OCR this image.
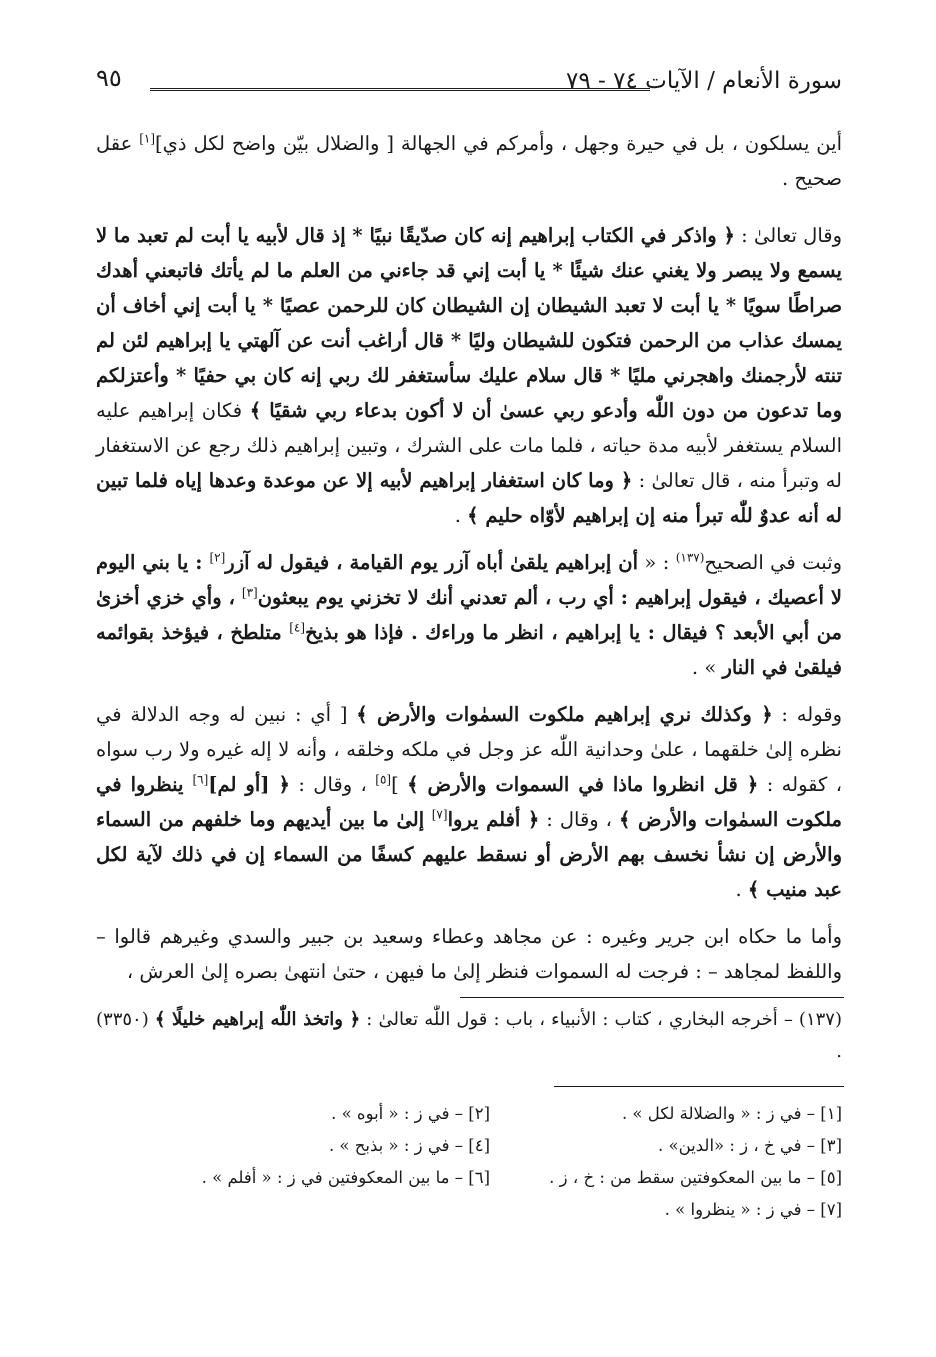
٩٥	سورة الأنعام / الآيات ٧٤ - ٧٩

أين يسلكون ، بل في حيرة وجهل ، وأمركم في الجهالة [ والضلال بيّن واضح لكل ذي][١] عقل صحيح .

وقال تعالىٰ : ﴿ واذكر في الكتاب إبراهيم إنه كان صدّيقًا نبيًا * إذ قال لأبيه يا أبت لم تعبد ما لا يسمع ولا يبصر ولا يغني عنك شيئًا * يا أبت إني قد جاءني من العلم ما لم يأتك فاتبعني أهدك صراطًا سويًا * يا أبت لا تعبد الشيطان إن الشيطان كان للرحمن عصيًا * يا أبت إني أخاف أن يمسك عذاب من الرحمن فتكون للشيطان وليًا * قال أراغب أنت عن آلهتي يا إبراهيم لئن لم تنته لأرجمنك واهجرني مليًا * قال سلام عليك سأستغفر لك ربي إنه كان بي حفيًا * وأعتزلكم وما تدعون من دون اللّٰه وأدعو ربي عسىٰ أن لا أكون بدعاء ربي شقيًا ﴾ فكان إبراهيم عليه السلام يستغفر لأبيه مدة حياته ، فلما مات على الشرك ، وتبين إبراهيم ذلك رجع عن الاستغفار له وتبرأ منه ، قال تعالىٰ : ﴿ وما كان استغفار إبراهيم لأبيه إلا عن موعدة وعدها إياه فلما تبين له أنه عدوٌ للّٰه تبرأ منه إن إبراهيم لأوّاه حليم ﴾ .

وثبت في الصحيح$^{(١٣٧)}$ : « أن إبراهيم يلقىٰ أباه آزر يوم القيامة ، فيقول له آزر[٢] : يا بني اليوم لا أعصيك ، فيقول إبراهيم : أي رب ، ألم تعدني أنك لا تخزني يوم يبعثون[٣] ، وأي خزي أخزىٰ من أبي الأبعد ؟ فيقال : يا إبراهيم ، انظر ما وراءك . فإذا هو بذيخ[٤] متلطخ ، فيؤخذ بقوائمه فيلقىٰ في النار » .

وقوله : ﴿ وكذلك نري إبراهيم ملكوت السمٰوات والأرض ﴾ [ أي : نبين له وجه الدلالة في نظره إلىٰ خلقهما ، علىٰ وحدانية اللّٰه عز وجل في ملكه وخلقه ، وأنه لا إله غيره ولا رب سواه ، كقوله : ﴿ قل انظروا ماذا في السموات والأرض ﴾ ][٥] ، وقال : ﴿ [أو لم][٦] ينظروا في ملكوت السمٰوات والأرض ﴾ ، وقال : ﴿ أفلم يروا[٧] إلىٰ ما بين أيديهم وما خلفهم من السماء والأرض إن نشأ نخسف بهم الأرض أو نسقط عليهم كسفًا من السماء إن في ذلك لآية لكل عبد منيب ﴾ .

وأما ما حكاه ابن جرير وغيره : عن مجاهد وعطاء وسعيد بن جبير والسدي وغيرهم قالوا – واللفظ لمجاهد – : فرجت له السموات فنظر إلىٰ ما فيهن ، حتىٰ انتهىٰ بصره إلىٰ العرش ،

(١٣٧) – أخرجه البخاري ، كتاب : الأنبياء ، باب : قول اللّٰه تعالىٰ : ﴿ واتخذ اللّٰه إبراهيم خليلًا ﴾ (٣٣٥٠) .
[١] – في ز : « والضلالة لكل » .
[٢] – في ز : « أبوه » .
[٣] – في خ ، ز : «الدين» .
[٤] – في ز : « بذبح » .
[٥] – ما بين المعكوفتين سقط من : خ ، ز .
[٦] – ما بين المعكوفتين في ز : « أفلم » .
[٧] – في ز : « ينظروا » .
